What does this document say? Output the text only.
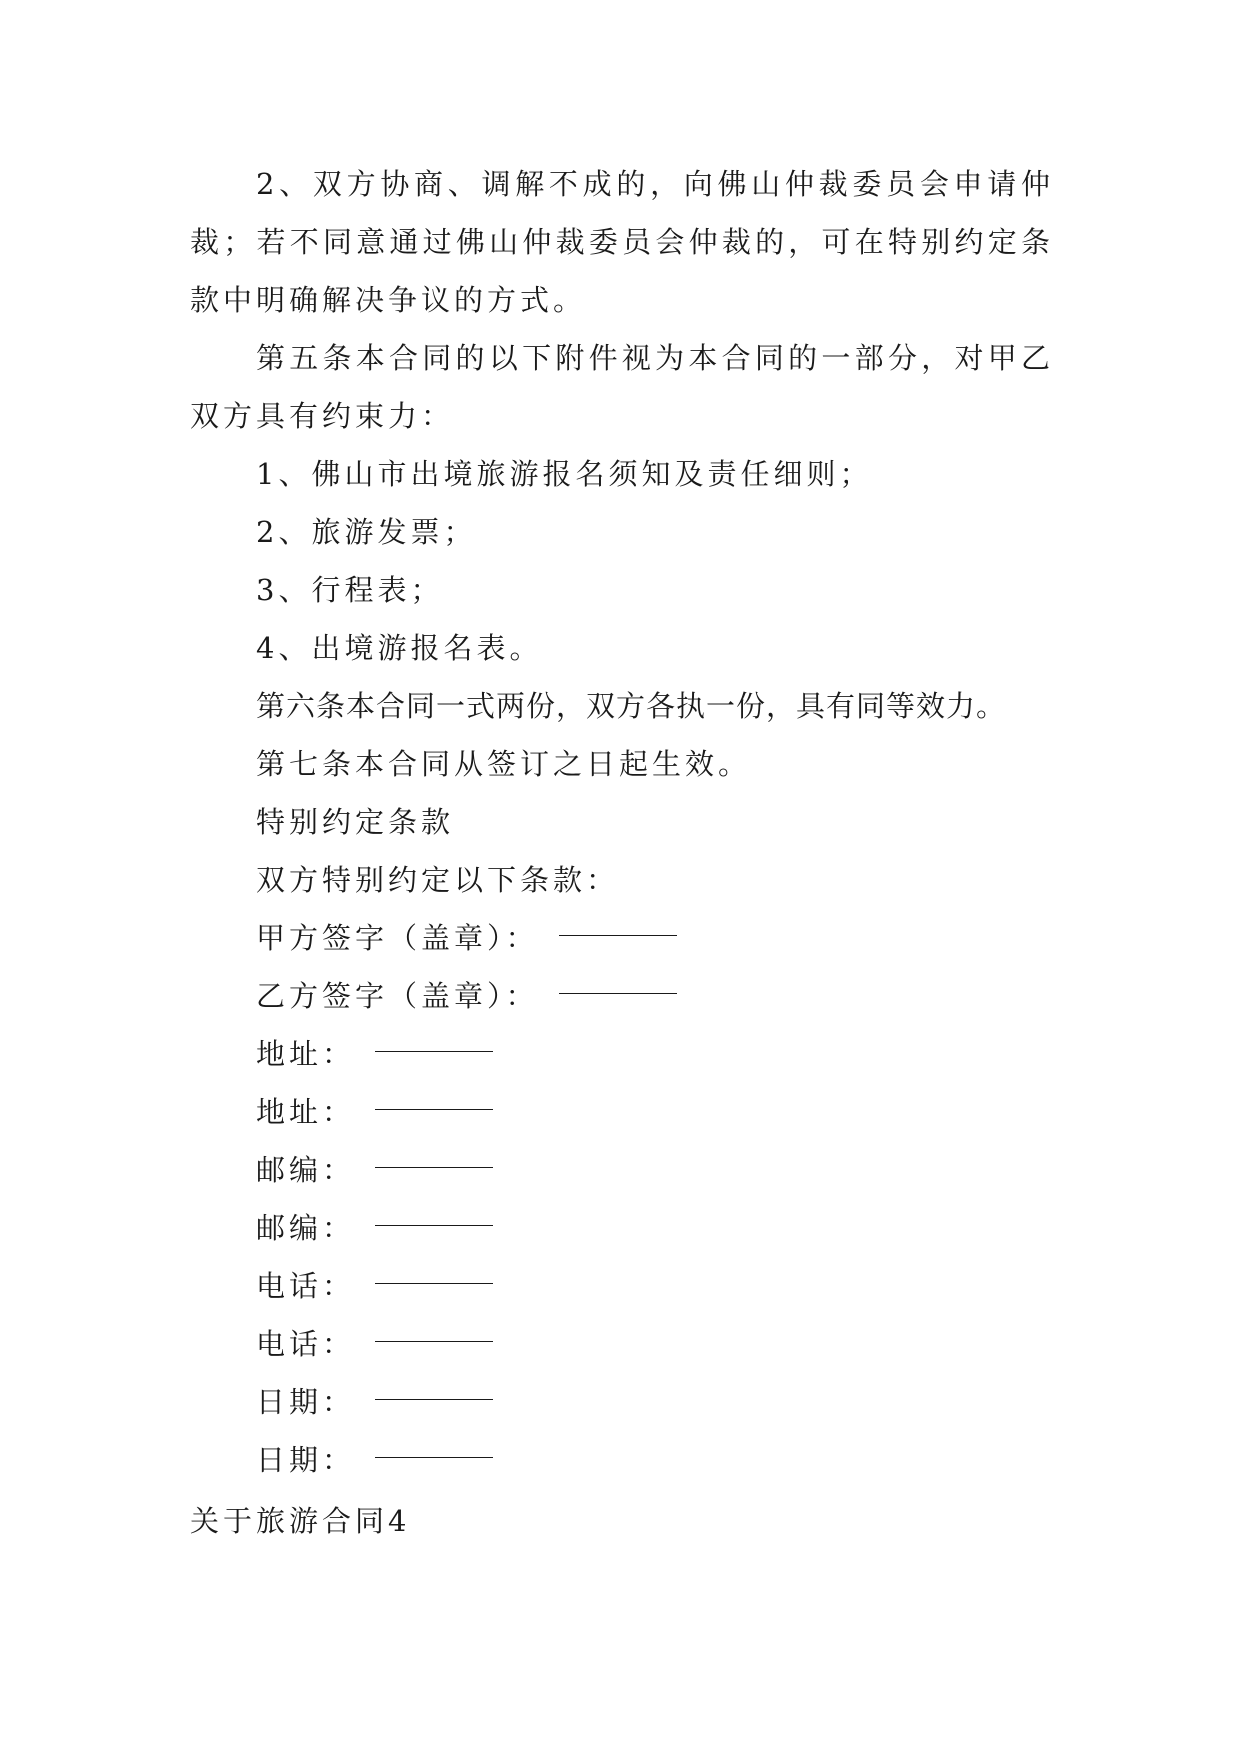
2、双方协商、调解不成的，向佛山仲裁委员会申请仲
裁；若不同意通过佛山仲裁委员会仲裁的，可在特别约定条
款中明确解决争议的方式。
第五条本合同的以下附件视为本合同的一部分，对甲乙
双方具有约束力：
1、佛山市出境旅游报名须知及责任细则；
2、旅游发票；
3、行程表；
4、出境游报名表。
第六条本合同一式两份，双方各执一份，具有同等效力。
第七条本合同从签订之日起生效。
特别约定条款
双方特别约定以下条款：
甲方签字（盖章）：
乙方签字（盖章）：
地址：
地址：
邮编：
邮编：
电话：
电话：
日期：
日期：
关于旅游合同4
